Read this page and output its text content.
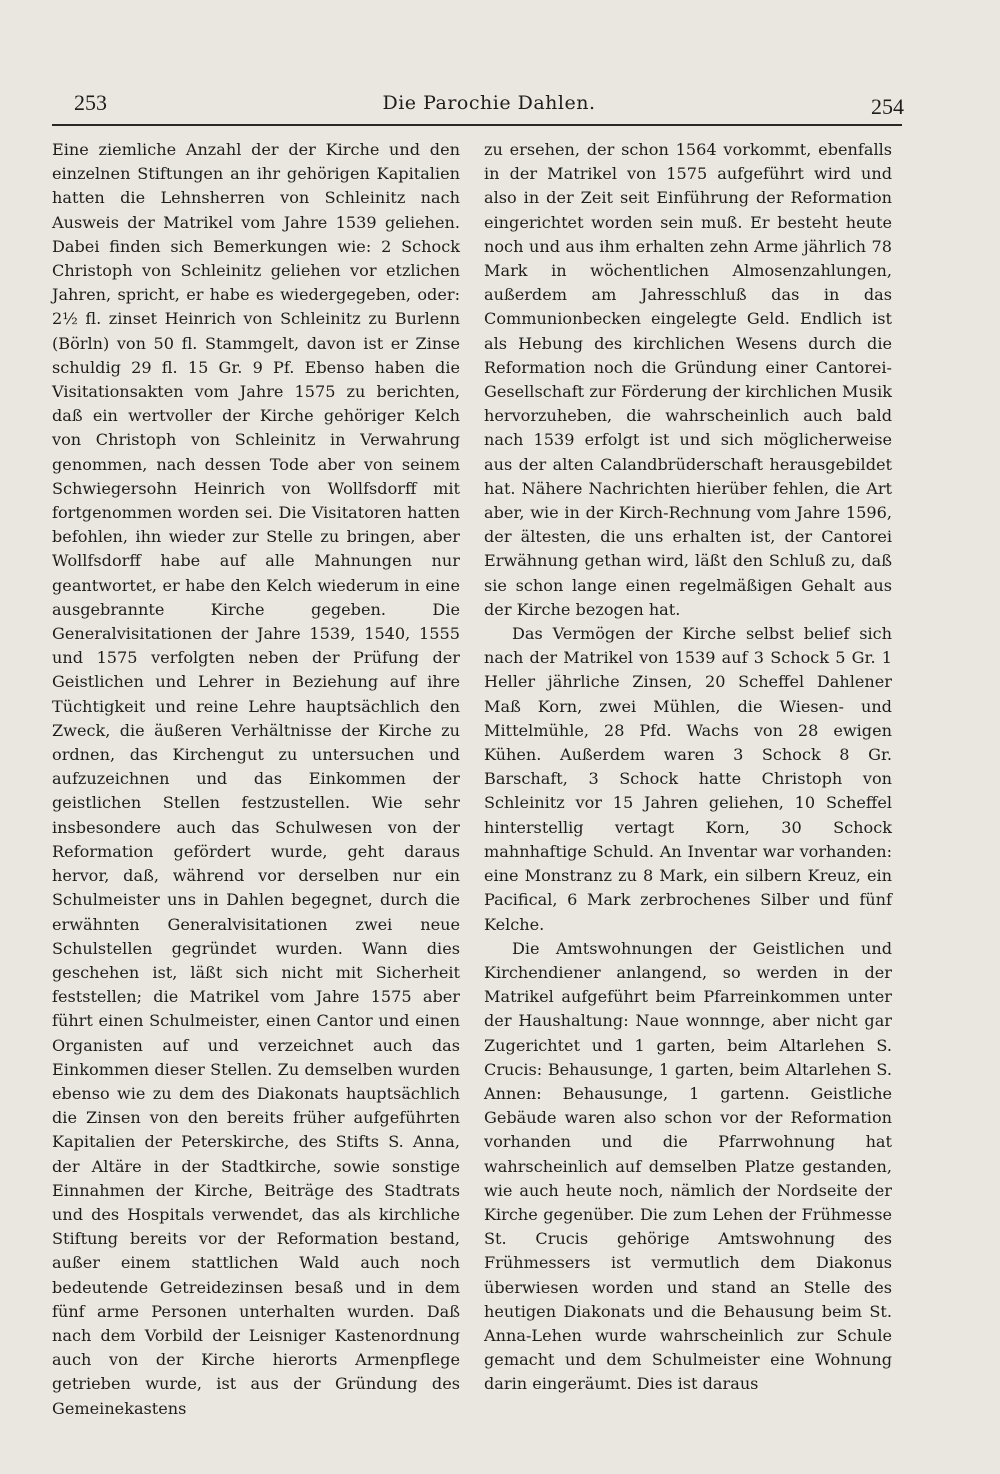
253	Die Parochie Dahlen.	254

Eine ziemliche Anzahl der der Kirche und den einzelnen Stiftungen an ihr gehörigen Kapitalien hatten die Lehnsherren von Schleinitz nach Ausweis der Matrikel vom Jahre 1539 geliehen. Dabei finden sich Bemerkungen wie: 2 Schock Christoph von Schleinitz geliehen vor etzlichen Jahren, spricht, er habe es wiedergegeben, oder: 2½ fl. zinset Heinrich von Schleinitz zu Burlenn (Börln) von 50 fl. Stammgelt, davon ist er Zinse schuldig 29 fl. 15 Gr. 9 Pf. Ebenso haben die Visitationsakten vom Jahre 1575 zu berichten, daß ein wertvoller der Kirche gehöriger Kelch von Christoph von Schleinitz in Verwahrung genommen, nach dessen Tode aber von seinem Schwiegersohn Heinrich von Wollfsdorff mit fortgenommen worden sei. Die Visitatoren hatten befohlen, ihn wieder zur Stelle zu bringen, aber Wollfsdorff habe auf alle Mahnungen nur geantwortet, er habe den Kelch wiederum in eine ausgebrannte Kirche gegeben. Die Generalvisitationen der Jahre 1539, 1540, 1555 und 1575 verfolgten neben der Prüfung der Geistlichen und Lehrer in Beziehung auf ihre Tüchtigkeit und reine Lehre hauptsächlich den Zweck, die äußeren Verhältnisse der Kirche zu ordnen, das Kirchengut zu untersuchen und aufzuzeichnen und das Einkommen der geistlichen Stellen festzustellen. Wie sehr insbesondere auch das Schulwesen von der Reformation gefördert wurde, geht daraus hervor, daß, während vor derselben nur ein Schulmeister uns in Dahlen begegnet, durch die erwähnten Generalvisitationen zwei neue Schulstellen gegründet wurden. Wann dies geschehen ist, läßt sich nicht mit Sicherheit feststellen; die Matrikel vom Jahre 1575 aber führt einen Schulmeister, einen Cantor und einen Organisten auf und verzeichnet auch das Einkommen dieser Stellen. Zu demselben wurden ebenso wie zu dem des Diakonats hauptsächlich die Zinsen von den bereits früher aufgeführten Kapitalien der Peterskirche, des Stifts S. Anna, der Altäre in der Stadtkirche, sowie sonstige Einnahmen der Kirche, Beiträge des Stadtrats und des Hospitals verwendet, das als kirchliche Stiftung bereits vor der Reformation bestand, außer einem stattlichen Wald auch noch bedeutende Getreidezinsen besaß und in dem fünf arme Personen unterhalten wurden. Daß nach dem Vorbild der Leisniger Kastenordnung auch von der Kirche hierorts Armenpflege getrieben wurde, ist aus der Gründung des Gemeinekastens

zu ersehen, der schon 1564 vorkommt, ebenfalls in der Matrikel von 1575 aufgeführt wird und also in der Zeit seit Einführung der Reformation eingerichtet worden sein muß. Er besteht heute noch und aus ihm erhalten zehn Arme jährlich 78 Mark in wöchentlichen Almosenzahlungen, außerdem am Jahresschluß das in das Communionbecken eingelegte Geld. Endlich ist als Hebung des kirchlichen Wesens durch die Reformation noch die Gründung einer Cantorei-Gesellschaft zur Förderung der kirchlichen Musik hervorzuheben, die wahrscheinlich auch bald nach 1539 erfolgt ist und sich möglicherweise aus der alten Calandbrüderschaft herausgebildet hat. Nähere Nachrichten hierüber fehlen, die Art aber, wie in der Kirch-Rechnung vom Jahre 1596, der ältesten, die uns erhalten ist, der Cantorei Erwähnung gethan wird, läßt den Schluß zu, daß sie schon lange einen regelmäßigen Gehalt aus der Kirche bezogen hat.

Das Vermögen der Kirche selbst belief sich nach der Matrikel von 1539 auf 3 Schock 5 Gr. 1 Heller jährliche Zinsen, 20 Scheffel Dahlener Maß Korn, zwei Mühlen, die Wiesen- und Mittelmühle, 28 Pfd. Wachs von 28 ewigen Kühen. Außerdem waren 3 Schock 8 Gr. Barschaft, 3 Schock hatte Christoph von Schleinitz vor 15 Jahren geliehen, 10 Scheffel hinterstellig vertagt Korn, 30 Schock mahnhaftige Schuld. An Inventar war vorhanden: eine Monstranz zu 8 Mark, ein silbern Kreuz, ein Pacifical, 6 Mark zerbrochenes Silber und fünf Kelche.

Die Amtswohnungen der Geistlichen und Kirchendiener anlangend, so werden in der Matrikel aufgeführt beim Pfarreinkommen unter der Haushaltung: Naue wonnnge, aber nicht gar Zugerichtet und 1 garten, beim Altarlehen S. Crucis: Behausunge, 1 garten, beim Altarlehen S. Annen: Behausunge, 1 gartenn. Geistliche Gebäude waren also schon vor der Reformation vorhanden und die Pfarrwohnung hat wahrscheinlich auf demselben Platze gestanden, wie auch heute noch, nämlich der Nordseite der Kirche gegenüber. Die zum Lehen der Frühmesse St. Crucis gehörige Amtswohnung des Frühmessers ist vermutlich dem Diakonus überwiesen worden und stand an Stelle des heutigen Diakonats und die Behausung beim St. Anna-Lehen wurde wahrscheinlich zur Schule gemacht und dem Schulmeister eine Wohnung darin eingeräumt. Dies ist daraus
